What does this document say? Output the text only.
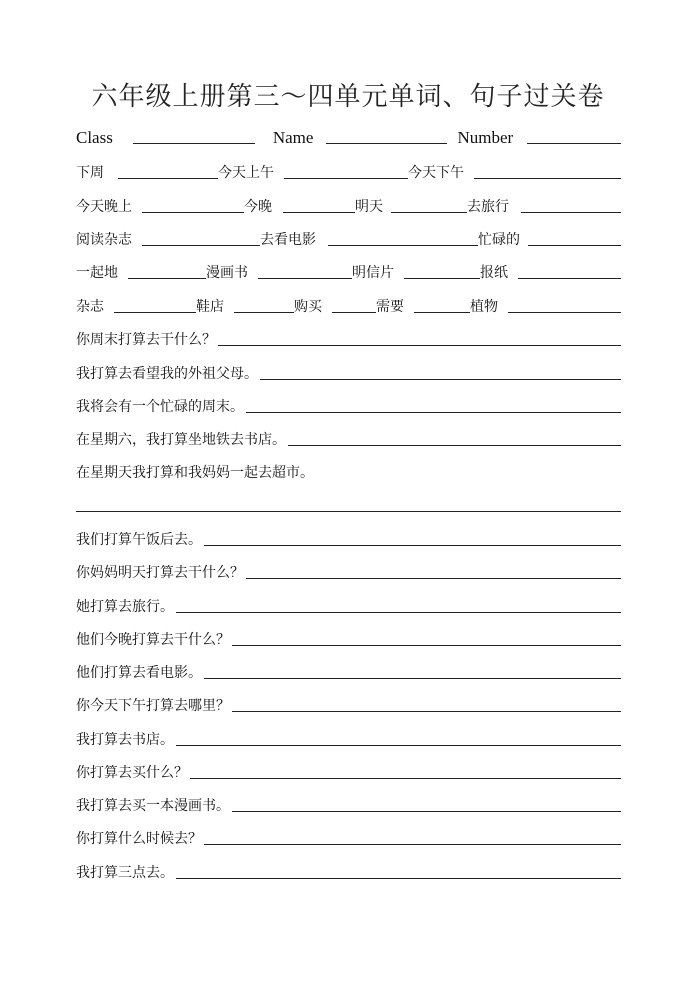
六年级上册第三～四单元单词、句子过关卷
Class	Name	Number
下周	今天上午	今天下午
今天晚上	今晚	明天	去旅行
阅读杂志	去看电影	忙碌的
一起地	漫画书	明信片	报纸
杂志	鞋店	购买	需要	植物
你周末打算去干什么？
我打算去看望我的外祖父母。
我将会有一个忙碌的周末。
在星期六，我打算坐地铁去书店。
在星期天我打算和我妈妈一起去超市。
我们打算午饭后去。
你妈妈明天打算去干什么？
她打算去旅行。
他们今晚打算去干什么？
他们打算去看电影。
你今天下午打算去哪里？
我打算去书店。
你打算去买什么？
我打算去买一本漫画书。
你打算什么时候去？
我打算三点去。
